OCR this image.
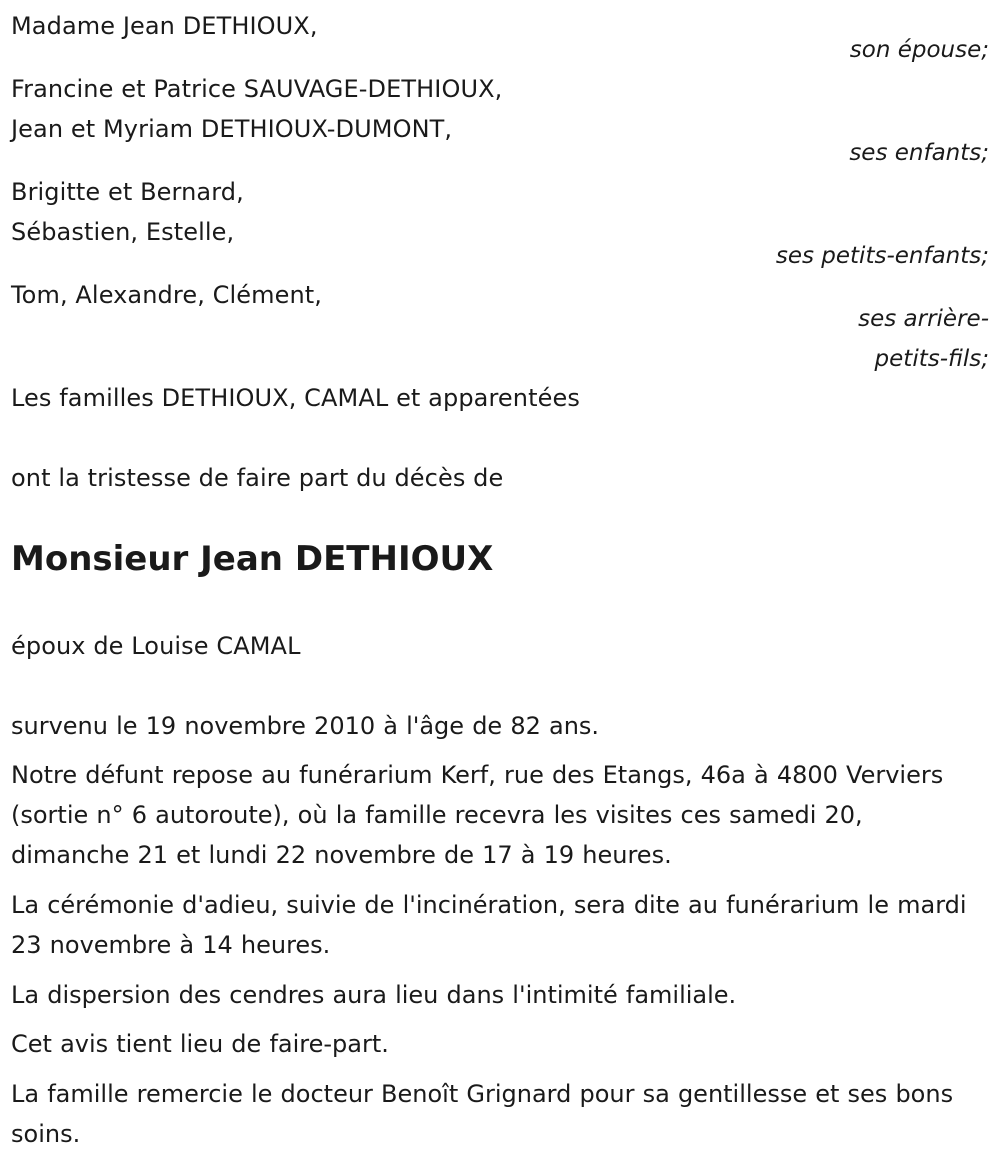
Madame Jean DETHIOUX,
son épouse;
Francine et Patrice SAUVAGE-DETHIOUX,
Jean et Myriam DETHIOUX-DUMONT,
ses enfants;
Brigitte et Bernard,
Sébastien, Estelle,
ses petits-enfants;
Tom, Alexandre, Clément,
ses arrière-
petits-fils;
Les familles DETHIOUX, CAMAL et apparentées
ont la tristesse de faire part du décès de
Monsieur Jean DETHIOUX
époux de Louise CAMAL
survenu le 19 novembre 2010 à l'âge de 82 ans.
Notre défunt repose au funérarium Kerf, rue des Etangs, 46a à 4800 Verviers (sortie n° 6 autoroute), où la famille recevra les visites ces samedi 20, dimanche 21 et lundi 22 novembre de 17 à 19 heures.
La cérémonie d'adieu, suivie de l'incinération, sera dite au funérarium le mardi 23 novembre à 14 heures.
La dispersion des cendres aura lieu dans l'intimité familiale.
Cet avis tient lieu de faire-part.
La famille remercie le docteur Benoît Grignard pour sa gentillesse et ses bons soins.
